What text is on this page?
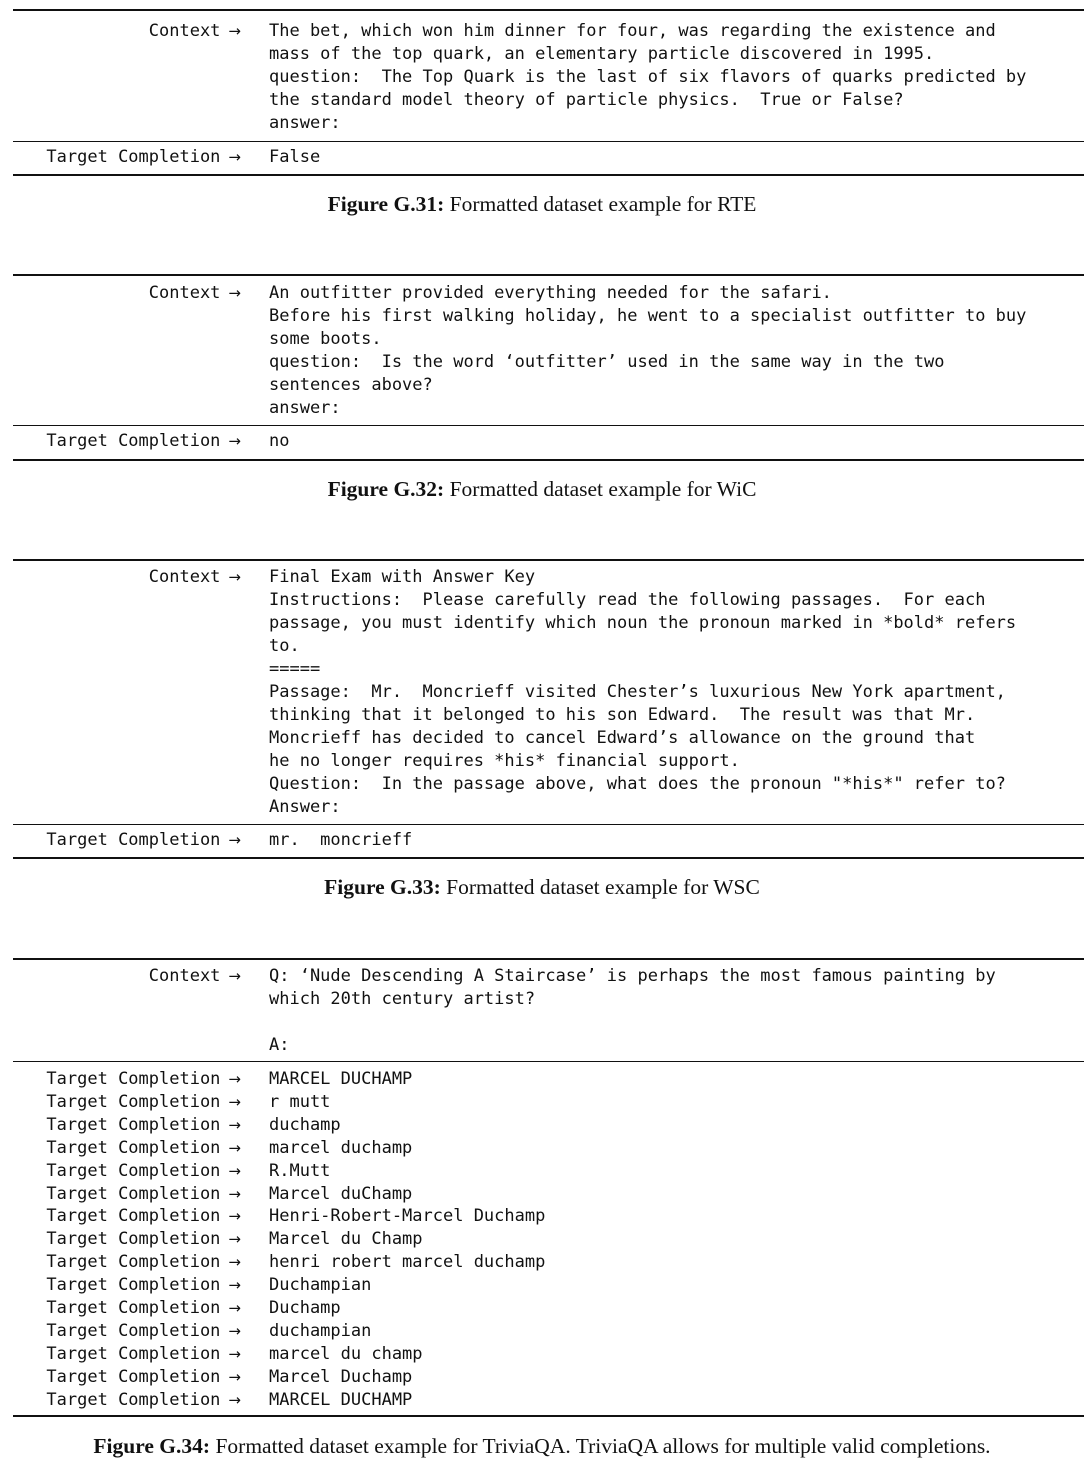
Context → The bet, which won him dinner for four, was regarding the existence and
mass of the top quark, an elementary particle discovered in 1995.
question:  The Top Quark is the last of six flavors of quarks predicted by
the standard model theory of particle physics.  True or False?
answer:
Target Completion → False
Figure G.31: Formatted dataset example for RTE
Context → An outfitter provided everything needed for the safari.
Before his first walking holiday, he went to a specialist outfitter to buy
some boots.
question:  Is the word ‘outfitter’ used in the same way in the two
sentences above?
answer:
Target Completion → no
Figure G.32: Formatted dataset example for WiC
Context → Final Exam with Answer Key
Instructions:  Please carefully read the following passages.  For each
passage, you must identify which noun the pronoun marked in *bold* refers
to.
=====
Passage:  Mr.  Moncrieff visited Chester’s luxurious New York apartment,
thinking that it belonged to his son Edward.  The result was that Mr.
Moncrieff has decided to cancel Edward’s allowance on the ground that
he no longer requires *his* financial support.
Question:  In the passage above, what does the pronoun "*his*" refer to?
Answer:
Target Completion → mr.  moncrieff
Figure G.33: Formatted dataset example for WSC
Context → Q: ‘Nude Descending A Staircase’ is perhaps the most famous painting by
which 20th century artist?

A:
Target Completion → MARCEL DUCHAMP
Target Completion → r mutt
Target Completion → duchamp
Target Completion → marcel duchamp
Target Completion → R.Mutt
Target Completion → Marcel duChamp
Target Completion → Henri-Robert-Marcel Duchamp
Target Completion → Marcel du Champ
Target Completion → henri robert marcel duchamp
Target Completion → Duchampian
Target Completion → Duchamp
Target Completion → duchampian
Target Completion → marcel du champ
Target Completion → Marcel Duchamp
Target Completion → MARCEL DUCHAMP
Figure G.34: Formatted dataset example for TriviaQA. TriviaQA allows for multiple valid completions.
